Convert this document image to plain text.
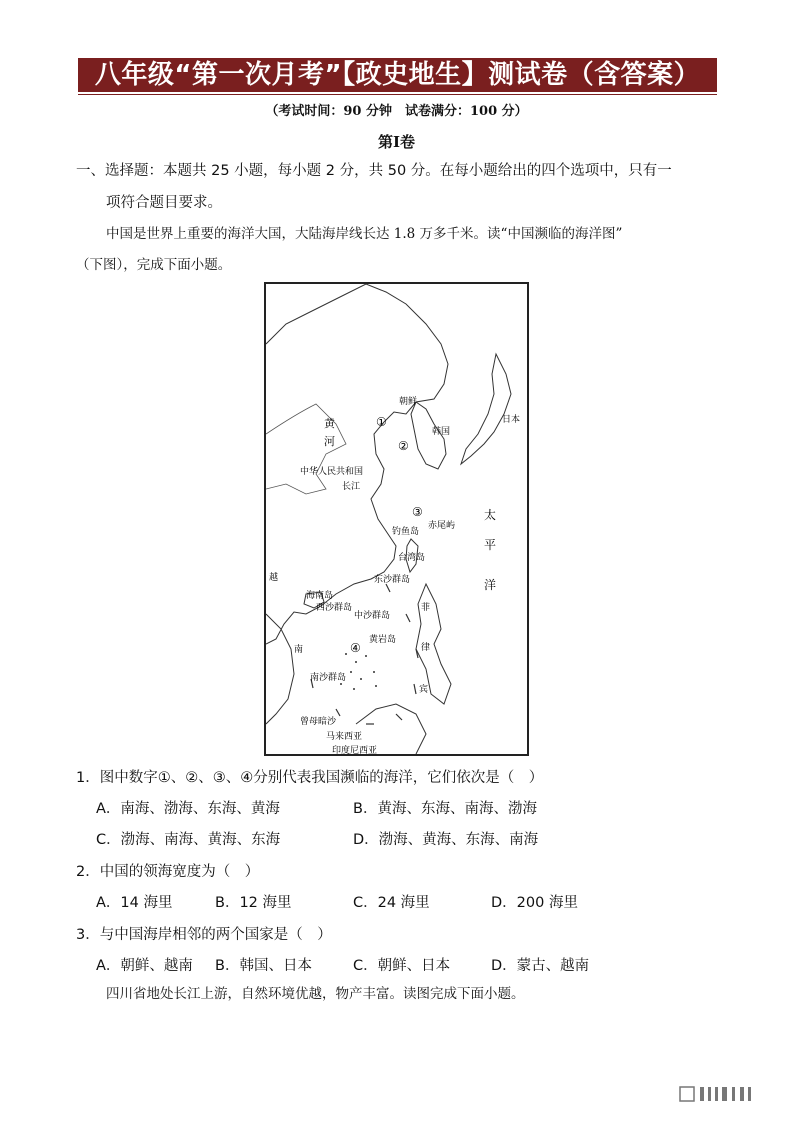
八年级“第一次月考”【政史地生】测试卷（含答案）
（考试时间：90 分钟　试卷满分：100 分）
第Ⅰ卷
一、选择题：本题共 25 小题，每小题 2 分，共 50 分。在每小题给出的四个选项中，只有一
项符合题目要求。
中国是世界上重要的海洋大国，大陆海岸线长达 1.8 万多千米。读“中国濒临的海洋图”
（下图），完成下面小题。
朝鲜
日本
黄
河
韩国
中华人民共和国
长江
太
平
洋
钓鱼岛
赤尾屿
台湾岛
东沙群岛
海南岛
西沙群岛
中沙群岛
黄岩岛
南沙群岛
曾母暗沙
马来西亚
印度尼西亚
越
南
菲
律
宾
①
②
③
④
1．图中数字①、②、③、④分别代表我国濒临的海洋，它们依次是（　）
A．南海、渤海、东海、黄海	B．黄海、东海、南海、渤海
C．渤海、南海、黄海、东海	D．渤海、黄海、东海、南海
2．中国的领海宽度为（　）
A．14 海里	B．12 海里	C．24 海里	D．200 海里
3．与中国海岸相邻的两个国家是（　）
A．朝鲜、越南 B．韩国、日本	C．朝鲜、日本	D．蒙古、越南
四川省地处长江上游，自然环境优越，物产丰富。读图完成下面小题。
